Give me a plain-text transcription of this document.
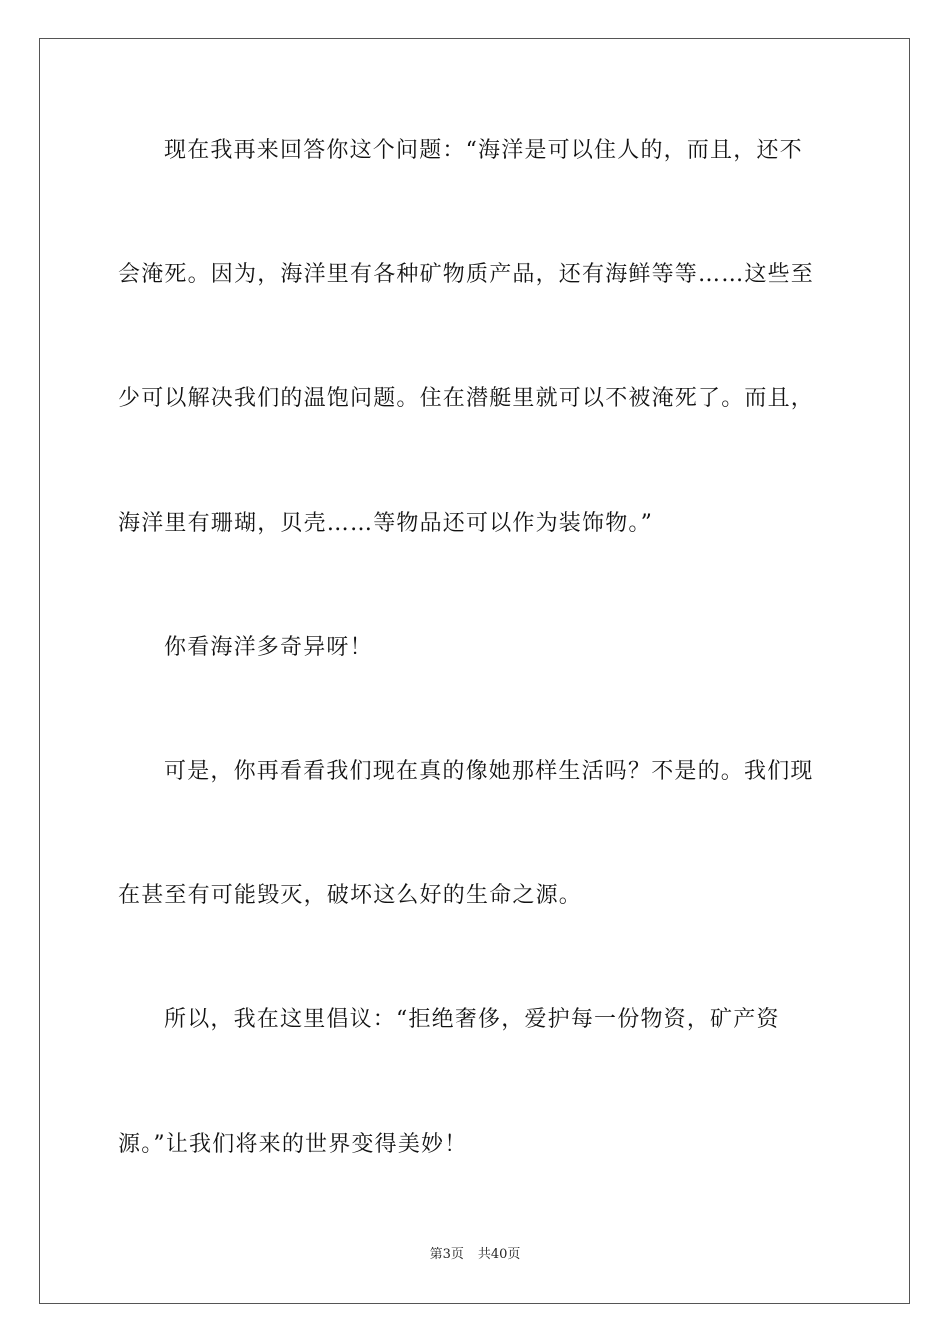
现在我再来回答你这个问题：“海洋是可以住人的，而且，还不
会淹死。因为，海洋里有各种矿物质产品，还有海鲜等等……这些至
少可以解决我们的温饱问题。住在潜艇里就可以不被淹死了。而且，
海洋里有珊瑚，贝壳……等物品还可以作为装饰物。”
你看海洋多奇异呀！
可是，你再看看我们现在真的像她那样生活吗？不是的。我们现
在甚至有可能毁灭，破坏这么好的生命之源。
所以，我在这里倡议：“拒绝奢侈，爱护每一份物资，矿产资
源。”让我们将来的世界变得美妙！
第3页 共40页
